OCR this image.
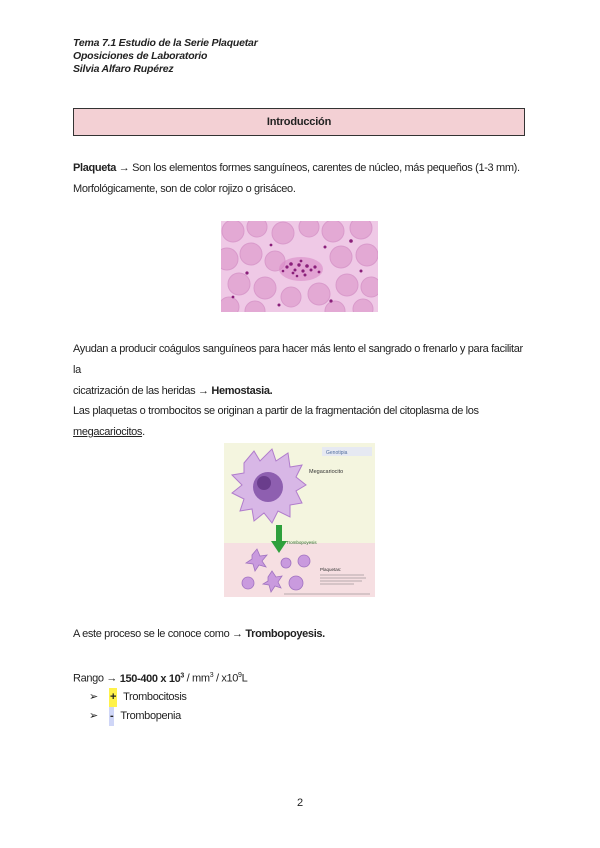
Tema 7.1 Estudio de la Serie Plaquetar
Oposiciones de Laboratorio
Silvia Alfaro Rupérez
Introducción
Plaqueta → Son los elementos formes sanguíneos, carentes de núcleo, más pequeños (1-3 mm).
Morfológicamente, son de color rojizo o grisáceo.
Ayudan a producir coágulos sanguíneos para hacer más lento el sangrado o frenarlo y para facilitar la
cicatrización de las heridas → Hemostasia.
Las plaquetas o trombocitos se originan a partir de la fragmentación del citoplasma de los megacariocitos.
Megacariocito
Genotipia
Trombopoyesis
Plaquetas:
A este proceso se le conoce como → Trombopoyesis.
Rango → 150-400 x $10^3 / mm^3 / x10^9L$
➢	+ Trombocitosis
➢	- Trombopenia
2
